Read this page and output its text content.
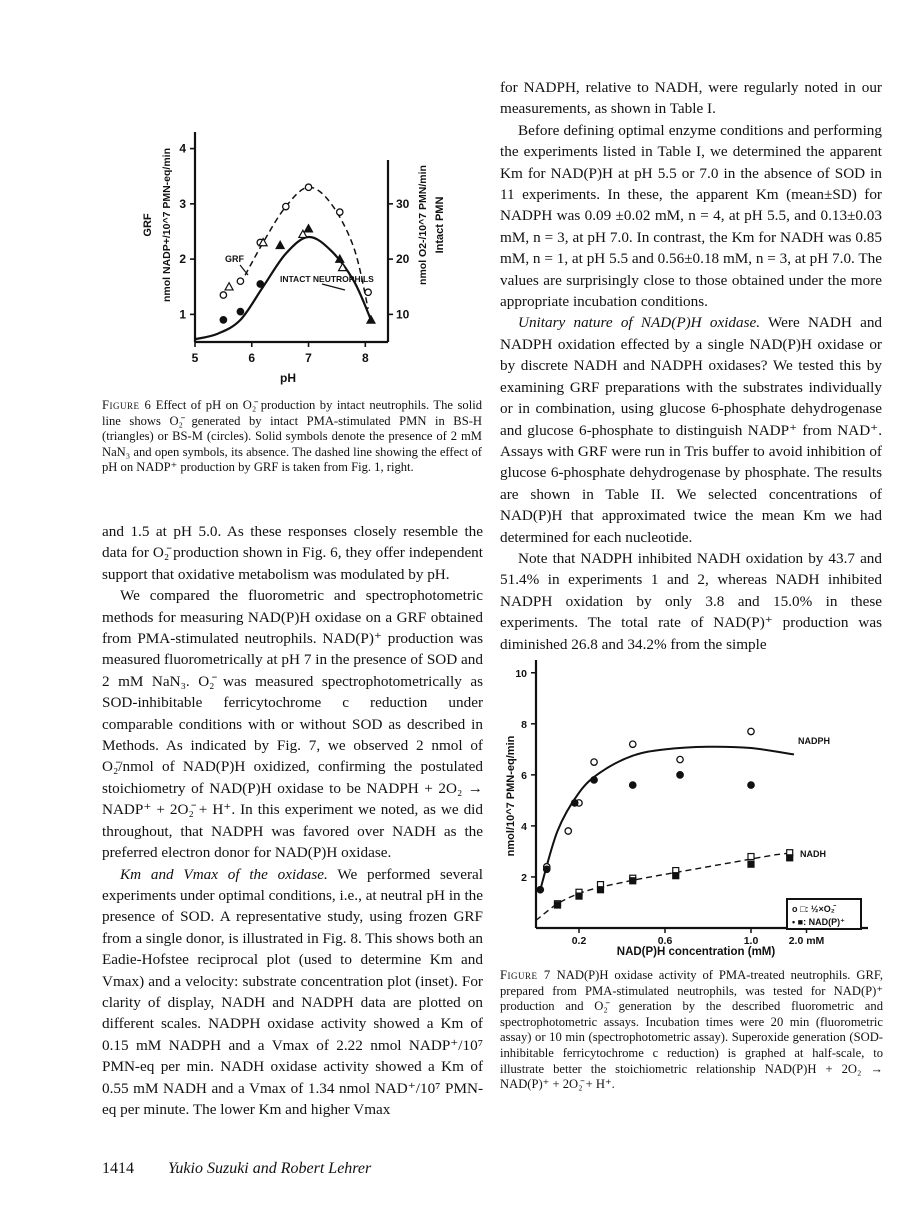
5	6	7	8
1
2
3
4
10
20
30
pH
GRF nmol NADP+/10^7 PMN-eq/min	nmol O2-/10^7 PMN/min Intact PMN
GRF
INTACT NEUTROPHILS
Figure 6 Effect of pH on O₂̄ production by intact neutrophils. The solid line shows O₂̄ generated by intact PMA-stimulated PMN in BS-H (triangles) or BS-M (circles). Solid symbols denote the presence of 2 mM NaN₃ and open symbols, its absence. The dashed line showing the effect of pH on NADP⁺ production by GRF is taken from Fig. 1, right.

and 1.5 at pH 5.0. As these responses closely resemble the data for O₂̄ production shown in Fig. 6, they offer independent support that oxidative metabolism was modulated by pH.

We compared the fluorometric and spectrophotometric methods for measuring NAD(P)H oxidase on a GRF obtained from PMA-stimulated neutrophils. NAD(P)⁺ production was measured fluorometrically at pH 7 in the presence of SOD and 2 mM NaN₃. O₂̄ was measured spectrophotometrically as SOD-inhibitable ferricytochrome c reduction under comparable conditions with or without SOD as described in Methods. As indicated by Fig. 7, we observed 2 nmol of O₂̄/nmol of NAD(P)H oxidized, confirming the postulated stoichiometry of NAD(P)H oxidase to be NADPH + 2O₂ → NADP⁺ + 2O₂̄ + H⁺. In this experiment we noted, as we did throughout, that NADPH was favored over NADH as the preferred electron donor for NAD(P)H oxidase.

Km and Vmax of the oxidase. We performed several experiments under optimal conditions, i.e., at neutral pH in the presence of SOD. A representative study, using frozen GRF from a single donor, is illustrated in Fig. 8. This shows both an Eadie-Hofstee reciprocal plot (used to determine Km and Vmax) and a velocity: substrate concentration plot (inset). For clarity of display, NADH and NADPH data are plotted on different scales. NADPH oxidase activity showed a Km of 0.15 mM NADPH and a Vmax of 2.22 nmol NADP⁺/10⁷ PMN-eq per min. NADH oxidase activity showed a Km of 0.55 mM NADH and a Vmax of 1.34 nmol NAD⁺/10⁷ PMN-eq per minute. The lower Km and higher Vmax

for NADPH, relative to NADH, were regularly noted in our measurements, as shown in Table I.

Before defining optimal enzyme conditions and performing the experiments listed in Table I, we determined the apparent Km for NAD(P)H at pH 5.5 or 7.0 in the absence of SOD in 11 experiments. In these, the apparent Km (mean±SD) for NADPH was 0.09 ±0.02 mM, n = 4, at pH 5.5, and 0.13±0.03 mM, n = 3, at pH 7.0. In contrast, the Km for NADH was 0.85 mM, n = 1, at pH 5.5 and 0.56±0.18 mM, n = 3, at pH 7.0. The values are surprisingly close to those obtained under the more appropriate incubation conditions.

Unitary nature of NAD(P)H oxidase. Were NADH and NADPH oxidation effected by a single NAD(P)H oxidase or by discrete NADH and NADPH oxidases? We tested this by examining GRF preparations with the substrates individually or in combination, using glucose 6-phosphate dehydrogenase and glucose 6-phosphate to distinguish NADP⁺ from NAD⁺. Assays with GRF were run in Tris buffer to avoid inhibition of glucose 6-phosphate dehydrogenase by phosphate. The results are shown in Table II. We selected concentrations of NAD(P)H that approximated twice the mean Km we had determined for each nucleotide.

Note that NADPH inhibited NADH oxidation by 43.7 and 51.4% in experiments 1 and 2, whereas NADH inhibited NADPH oxidation by only 3.8 and 15.0% in these experiments. The total rate of NAD(P)⁺ production was diminished 26.8 and 34.2% from the simple

0.2	0.6	1.0	2.0 mM
2
4
6
8
10
NAD(P)H concentration (mM)
nmol/10^7 PMN-eq/min	NADPH
NADH
o □: ½×O₂̄
• ■: NAD(P)⁺
Figure 7 NAD(P)H oxidase activity of PMA-treated neutrophils. GRF, prepared from PMA-stimulated neutrophils, was tested for NAD(P)⁺ production and O₂̄ generation by the described fluorometric and spectrophotometric assays. Incubation times were 20 min (fluorometric assay) or 10 min (spectrophotometric assay). Superoxide generation (SOD-inhibitable ferricytochrome c reduction) is graphed at half-scale, to illustrate better the stoichiometric relationship NAD(P)H + 2O₂ → NAD(P)⁺ + 2O₂̄ + H⁺.
1414 Yukio Suzuki and Robert Lehrer
